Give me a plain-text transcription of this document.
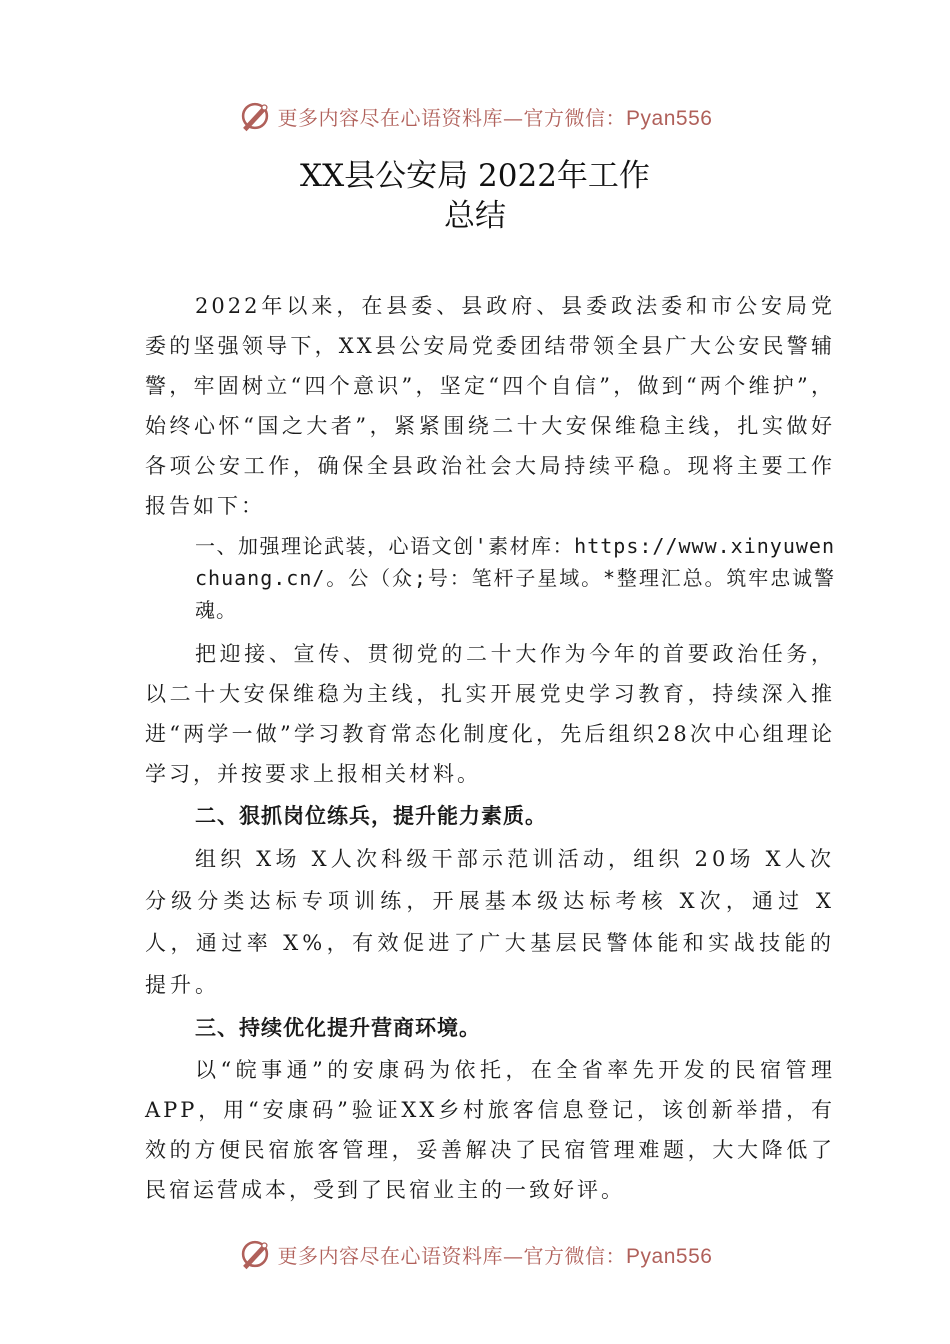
更多内容尽在心语资料库—官方微信：Pyan556
XX县公安局 2022年工作
总结

2022年以来，在县委、县政府、县委政法委和市公安局党委的坚强领导下，XX县公安局党委团结带领全县广大公安民警辅警，牢固树立“四个意识”，坚定“四个自信”，做到“两个维护”，始终心怀“国之大者”，紧紧围绕二十大安保维稳主线，扎实做好各项公安工作，确保全县政治社会大局持续平稳。现将主要工作报告如下：

一、加强理论武装，心语文创'素材库：https://www.xinyuwenchuang.cn/。公（众;号：笔杆子星域。*整理汇总。筑牢忠诚警魂。

把迎接、宣传、贯彻党的二十大作为今年的首要政治任务，以二十大安保维稳为主线，扎实开展党史学习教育，持续深入推进“两学一做”学习教育常态化制度化，先后组织28次中心组理论学习，并按要求上报相关材料。

二、狠抓岗位练兵，提升能力素质。

组织 X场 X人次科级干部示范训活动，组织 20场 X人次分级分类达标专项训练，开展基本级达标考核 X次，通过 X人，通过率 X%，有效促进了广大基层民警体能和实战技能的提升。

三、持续优化提升营商环境。

以“皖事通”的安康码为依托，在全省率先开发的民宿管理 APP，用“安康码”验证XX乡村旅客信息登记，该创新举措，有效的方便民宿旅客管理，妥善解决了民宿管理难题，大大降低了民宿运营成本，受到了民宿业主的一致好评。

更多内容尽在心语资料库—官方微信：Pyan556
